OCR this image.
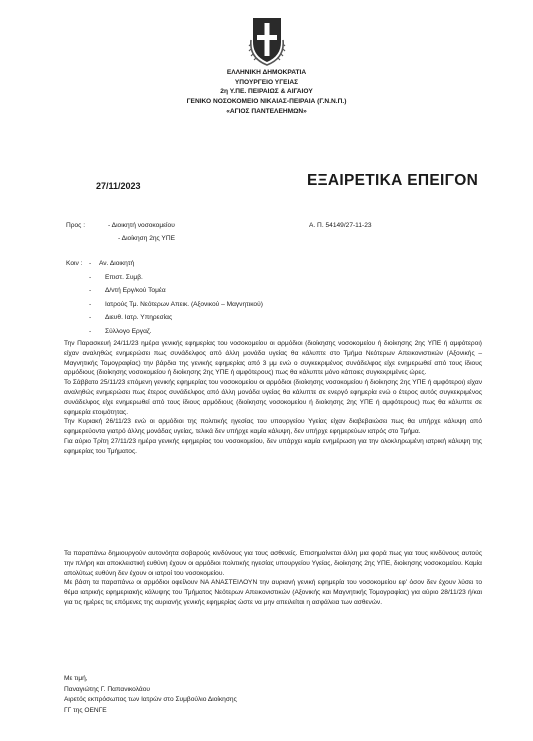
ΕΛΛΗΝΙΚΗ ΔΗΜΟΚΡΑΤΙΑ
ΥΠΟΥΡΓΕΙΟ ΥΓΕΙΑΣ
2η Υ.ΠΕ. ΠΕΙΡΑΙΩΣ & ΑΙΓΑΙΟΥ
ΓΕΝΙΚΟ ΝΟΣΟΚΟΜΕΙΟ ΝΙΚΑΙΑΣ-ΠΕΙΡΑΙΑ (Γ.Ν.Ν.Π.)
«ΑΓΙΟΣ ΠΑΝΤΕΛΕΗΜΩΝ»
27/11/2023	ΕΞΑΙΡΕΤΙΚΑ ΕΠΕΙΓΟΝ
Προς :	- Διοικητή νοσοκομείου
- Διοίκηση 2ης ΥΠΕ
Α. Π. 54149/27-11-23
Κοιν : - Αν. Διοικητή
- Επιστ. Συμβ.
- Δ/ντή Εργ/κού Τομέα
- Ιατρούς Τμ. Νεότερων Απεικ. (Αξονικού – Μαγνητικού)
- Διευθ. Ιατρ. Υπηρεσίας
- Σύλλογο Εργαζ.

Την Παρασκευή 24/11/23 ημέρα γενικής εφημερίας του νοσοκομείου οι αρμόδιοι (διοίκησης νοσοκομείου ή διοίκησης 2ης ΥΠΕ ή αμφότεροι) είχαν αναληθώς ενημερώσει πως συνάδελφος από άλλη μονάδα υγείας θα κάλυπτε στο Τμήμα Νεότερων Απεικονιστικών (Αξονικής – Μαγνητικής Τομογραφίας) την βάρδια της γενικής εφημερίας από 3 μμ ενώ ο συγκεκριμένος συνάδελφος είχε ενημερωθεί από τους ίδιους αρμόδιους (διοίκησης νοσοκομείου ή διοίκησης 2ης ΥΠΕ ή αμφότερους) πως θα κάλυπτε μόνο κάποιες συγκεκριμένες ώρες.

Το Σάββατο 25/11/23 επόμενη γενικής εφημερίας του νοσοκομείου οι αρμόδιοι (διοίκησης νοσοκομείου ή διοίκησης 2ης ΥΠΕ ή αμφότεροι) είχαν αναληθώς ενημερώσει πως έτερος συνάδελφος από άλλη μονάδα υγείας θα κάλυπτε σε ενεργό εφημερία ενώ ο έτερος αυτός συγκεκριμένος συνάδελφος είχε ενημερωθεί από τους ίδιους αρμόδιους (διοίκησης νοσοκομείου ή διοίκησης 2ης ΥΠΕ ή αμφότερους) πως θα κάλυπτε σε εφημερία ετοιμότητας.

Την Κυριακή 26/11/23 ενώ οι αρμόδιοι της πολιτικής ηγεσίας του υπουργείου Υγείας είχαν διαβεβαιώσει πως θα υπήρχε κάλυψη από εφημερεύοντα γιατρό άλλης μονάδας υγείας, τελικά δεν υπήρχε καμία κάλυψη, δεν υπήρχε εφημερεύων ιατρός στο Τμήμα.

Για αύριο Τρίτη 27/11/23 ημέρα γενικής εφημερίας του νοσοκομείου, δεν υπάρχει καμία ενημέρωση για την ολοκληρωμένη ιατρική κάλυψη της εφημερίας του Τμήματος.

Τα παραπάνω δημιουργούν αυτονόητα σοβαρούς κινδύνους για τους ασθενείς. Επισημαίνεται άλλη μια φορά πως για τους κινδύνους αυτούς την πλήρη και αποκλειστική ευθύνη έχουν οι αρμόδιοι πολιτικής ηγεσίας υπουργείου Υγείας, διοίκησης 2ης ΥΠΕ, διοίκησης νοσοκομείου. Καμία απολύτως ευθύνη δεν έχουν οι ιατροί του νοσοκομείου.

Με βάση τα παραπάνω οι αρμόδιοι οφείλουν ΝΑ ΑΝΑΣΤΕΙΛΟΥΝ την αυριανή γενική εφημερία του νοσοκομείου εφ' όσον δεν έχουν λύσει το θέμα ιατρικής εφημεριακής κάλυψης του Τμήματος Νεότερων Απεικονιστικών (Αξονικής και Μαγνητικής Τομογραφίας) για αύριο 28/11/23 ή/και για τις ημέρες τις επόμενες της αυριανής γενικής εφημερίας ώστε να μην απειλείται η ασφάλεια των ασθενών.

Με τιμή,
Παναγιώτης Γ. Παπανικολάου
Αιρετός εκπρόσωπος των Ιατρών στο Συμβούλιο Διοίκησης
ΓΓ της ΟΕΝΓΕ
